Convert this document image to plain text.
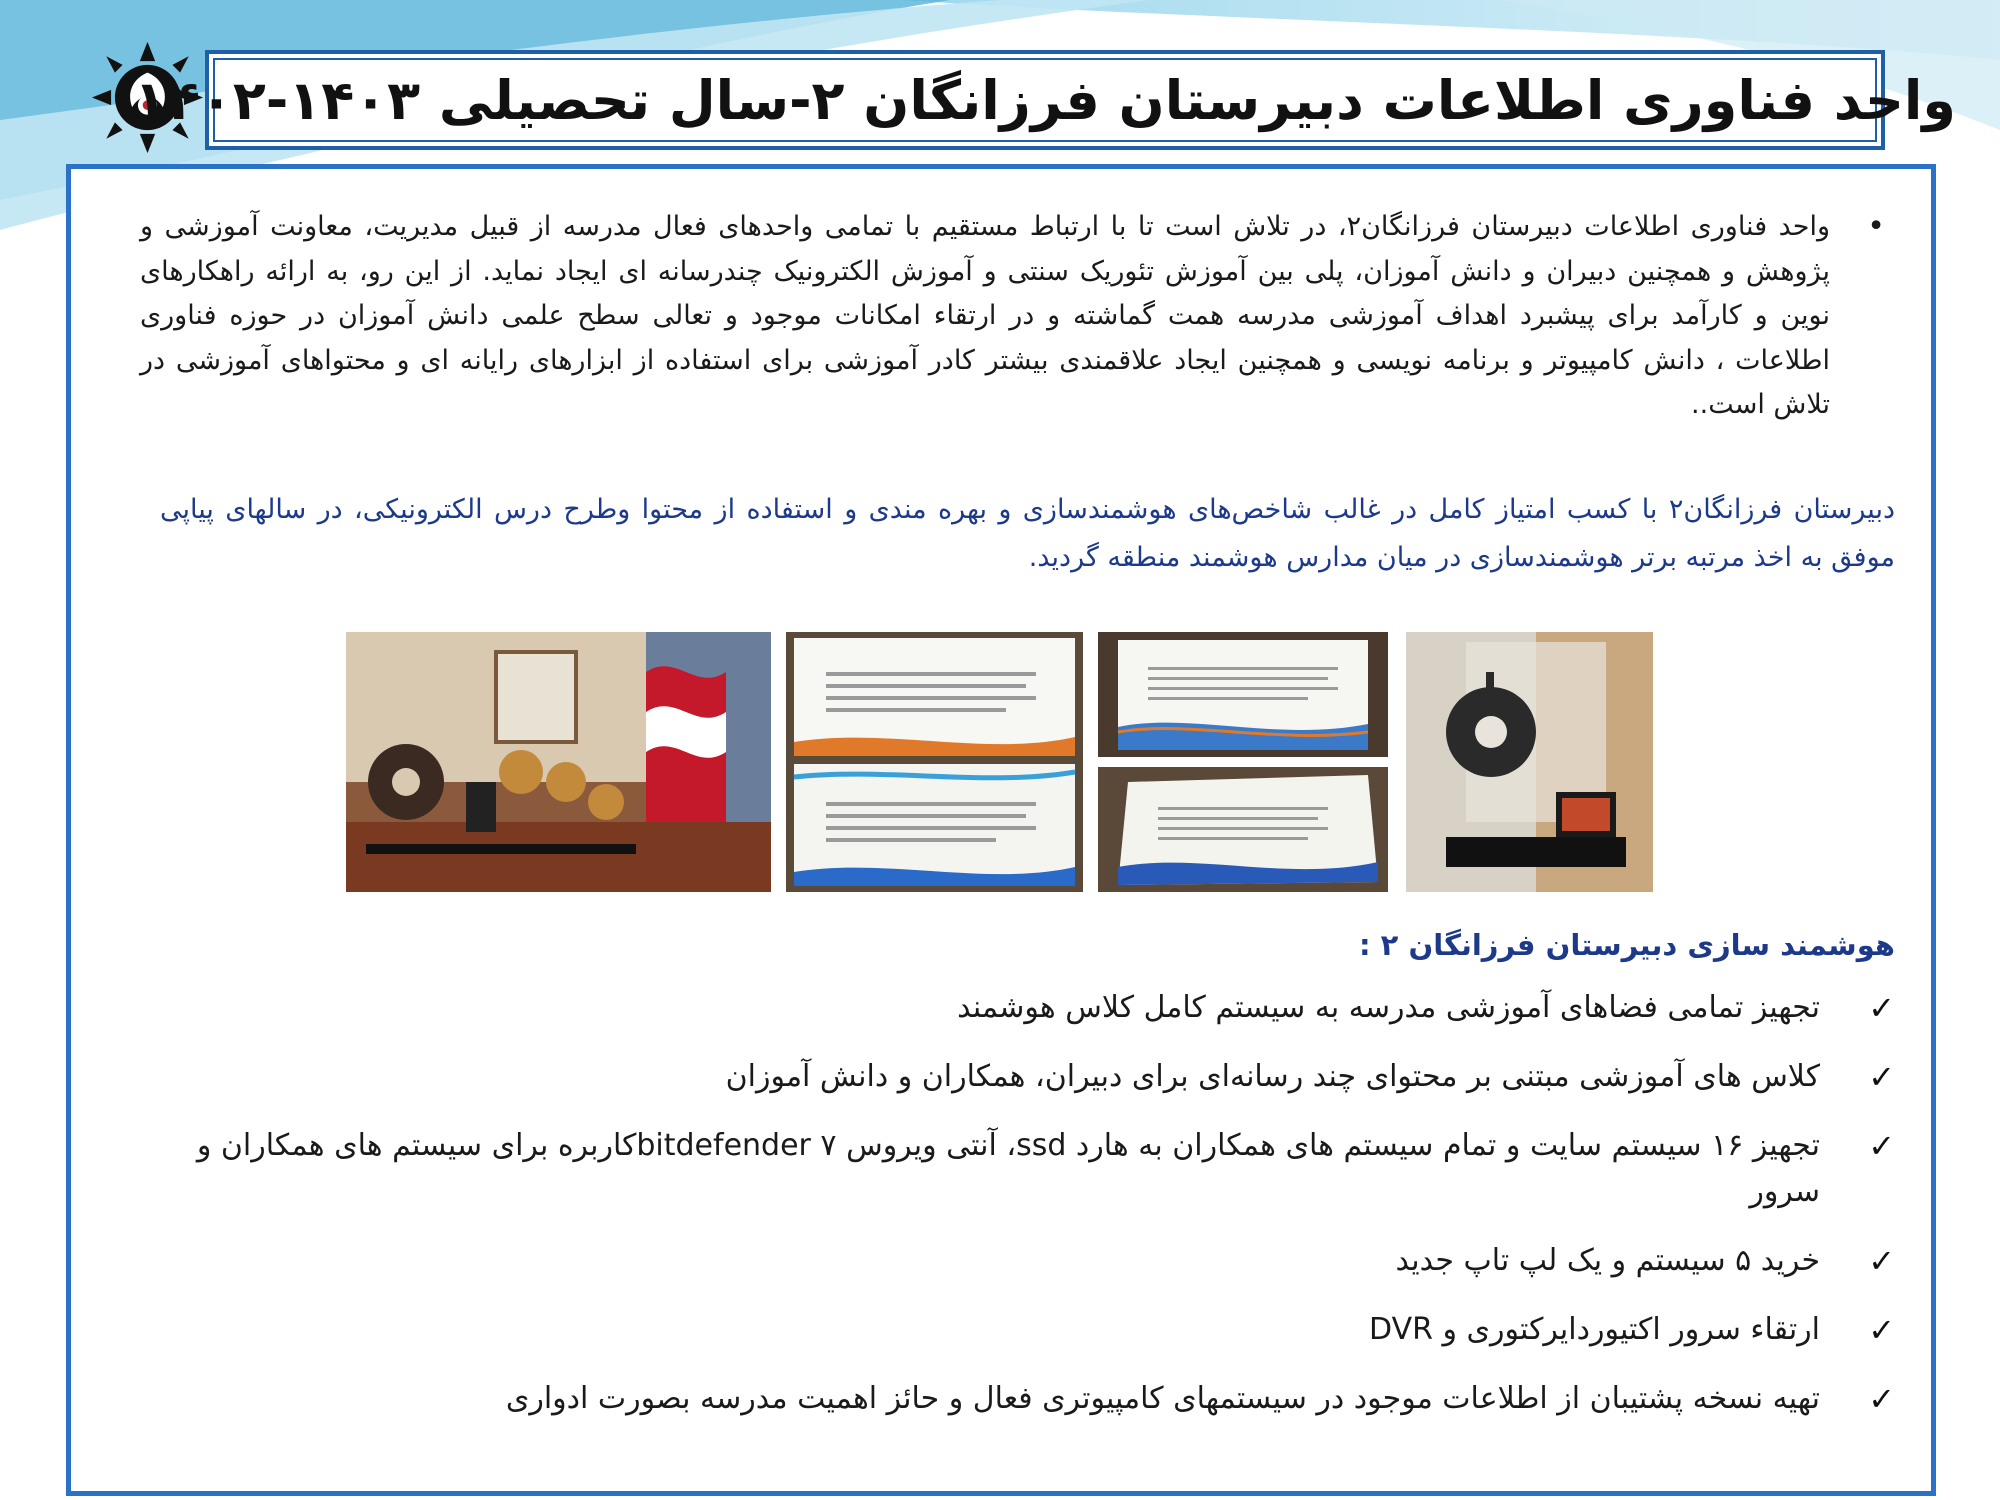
واحد فناوری اطلاعات دبیرستان فرزانگان ۲-سال تحصیلی ۱۴۰۳-۱۴۰۲
•
واحد فناوری اطلاعات دبیرستان فرزانگان۲، در تلاش است تا با ارتباط مستقیم با تمامی واحدهای فعال مدرسه از قبیل مدیریت، معاونت آموزشی و پژوهش و همچنین دبیران و دانش آموزان، پلی بین آموزش تئوریک سنتی و آموزش الکترونیک چندرسانه ای ایجاد نماید. از این رو، به ارائه راهکارهای نوین و کارآمد برای پیشبرد اهداف آموزشی مدرسه همت گماشته و در ارتقاء امکانات موجود و تعالی سطح علمی دانش آموزان در حوزه فناوری اطلاعات ، دانش کامپیوتر و برنامه نویسی و همچنین ایجاد علاقمندی بیشتر کادر آموزشی برای استفاده از ابزارهای رایانه ای و محتواهای آموزشی در تلاش است..
دبیرستان فرزانگان۲ با کسب امتیاز کامل در غالب شاخص‌های هوشمندسازی و بهره مندی و استفاده از محتوا وطرح درس الکترونیکی، در سالهای پیاپی موفق به اخذ مرتبه برتر هوشمندسازی در میان مدارس هوشمند منطقه گردید.
هوشمند سازی دبیرستان فرزانگان ۲ :
✓
تجهیز تمامی فضاهای آموزشی مدرسه به سیستم کامل کلاس هوشمند
✓
کلاس های آموزشی مبتنی بر محتوای چند رسانه‌ای برای دبیران، همکاران و دانش آموزان
✓
تجهیز ۱۶ سیستم سایت و تمام سیستم های همکاران به هارد ssd، آنتی ویروس bitdefender ۷کاربره برای سیستم های همکاران و سرور
✓
خرید ۵ سیستم و یک لپ تاپ جدید
✓
ارتقاء سرور اکتیوردایرکتوری و DVR
✓
تهیه نسخه پشتیبان از اطلاعات موجود در سیستمهای کامپیوتری فعال و حائز اهمیت مدرسه بصورت ادواری
